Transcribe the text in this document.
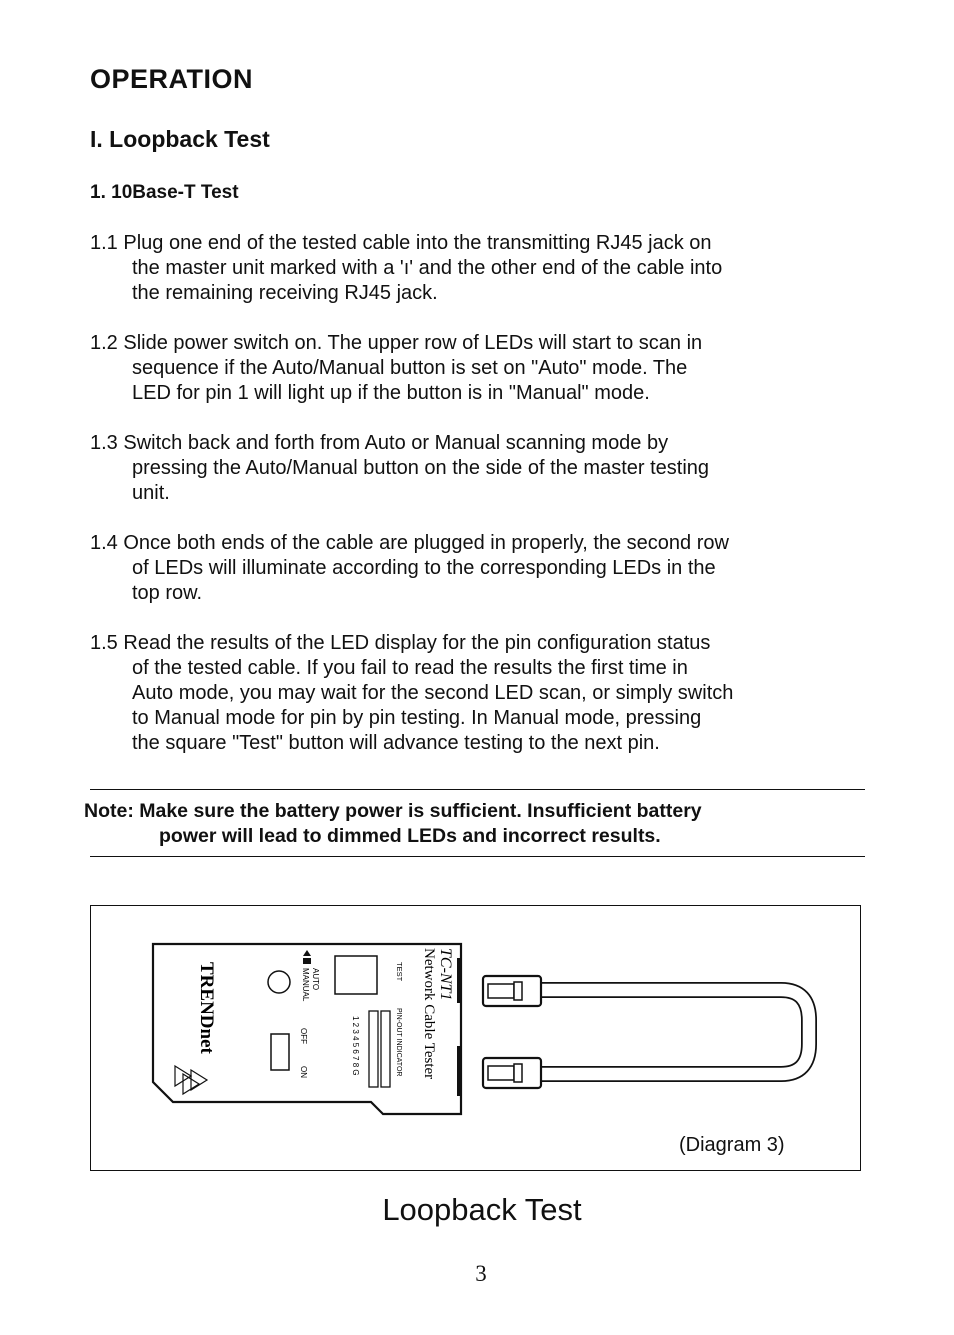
OPERATION
I. Loopback Test
1. 10Base-T Test
1.1 Plug one end of the tested cable into the transmitting RJ45 jack on
the master unit marked with a 'ı' and the other end of the cable into
the remaining receiving RJ45 jack.
1.2 Slide power switch on. The upper row of LEDs will start to scan in
sequence if the Auto/Manual button is set on "Auto" mode. The
LED for pin 1 will light up if the button is in "Manual" mode.
1.3 Switch back and forth from Auto or Manual scanning mode by
pressing the Auto/Manual button on the side of the master testing
unit.
1.4 Once both ends of the cable are plugged in properly, the second row
of LEDs will illuminate according to the corresponding LEDs in the
top row.
1.5 Read the results of the LED display for the pin configuration status
of the tested cable. If you fail to read the results the first time in
Auto mode, you may wait for the second LED scan, or simply switch
to Manual mode for pin by pin testing. In Manual mode, pressing
the square "Test" button will advance testing to the next pin.
Note: Make sure the battery power is sufficient. Insufficient battery
power will lead to dimmed LEDs and incorrect results.
AUTO
MANUAL	TEST
PIN-OUT INDICATOR
1 2 3 4 5 6 7 8 G
OFF
ON
TC-NT1
Network Cable Tester
TRENDnet
(Diagram 3)
Loopback Test
3
